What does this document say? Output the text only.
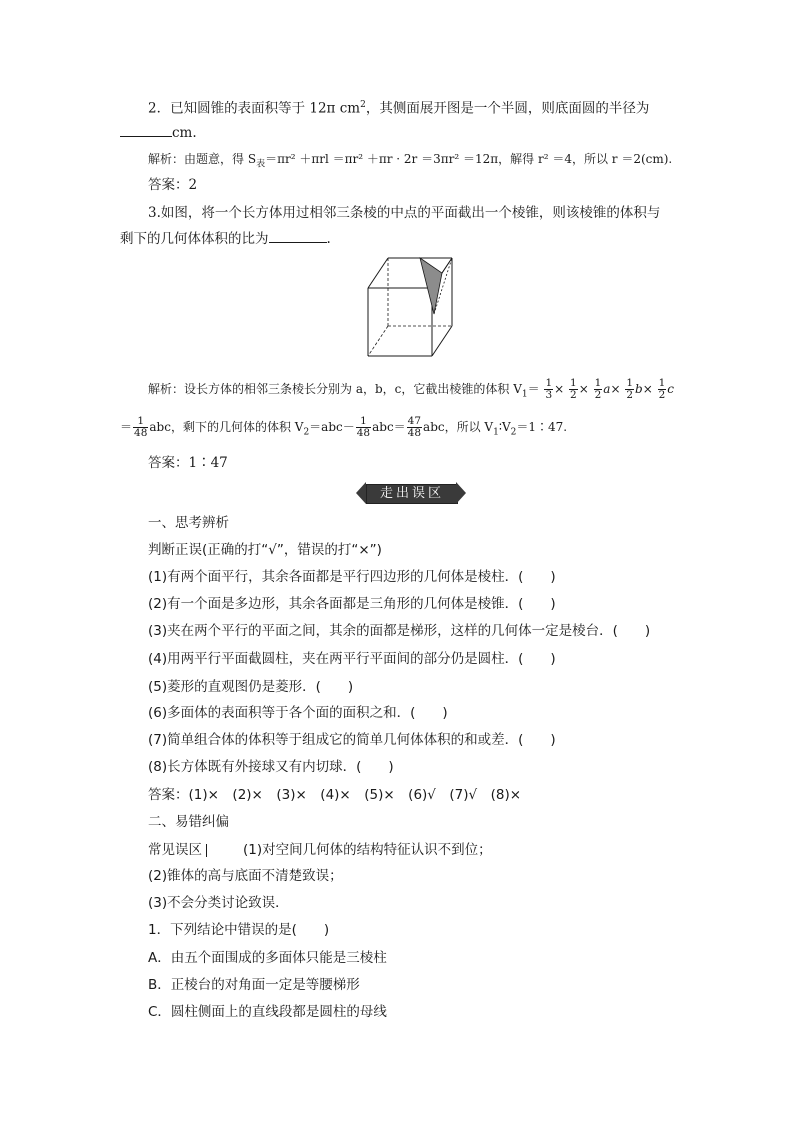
2．已知圆锥的表面积等于 12π $cm^2$，其侧面展开图是一个半圆，则底面圆的半径为
cm.
解析：由题意，得 $S_表=\pi r^2 +\pi rl =\pi r^2 +\pi r \cdot 2r =3\pi r^2 =12\pi$，解得 r² ＝4，所以 r ＝2(cm).
答案：2
3.如图，将一个长方体用过相邻三条棱的中点的平面截出一个棱锥，则该棱锥的体积与
剩下的几何体体积的比为	.
解析：设长方体的相邻三条棱长分别为 a，b，c，它截出棱锥的体积 $V_1= \frac{1}{3} \times \frac{1}{2} \times \frac{1}{2} a\times \frac{1}{2} b\times \frac{1}{2}$ c
＝ $\frac{1}{48}$ abc，剩下的几何体的体积 $V_2=abc- \frac{1}{48} abc= \frac{47}{48}$ abc，所以 $V_1∶V_2=1∶47$.
答案：1∶47
走出误区
一、思考辨析
判断正误(正确的打“√”，错误的打“×”)
(1)有两个面平行，其余各面都是平行四边形的几何体是棱柱．(　　)
(2)有一个面是多边形，其余各面都是三角形的几何体是棱锥．(　　)
(3)夹在两个平行的平面之间，其余的面都是梯形，这样的几何体一定是棱台．(　　)
(4)用两平行平面截圆柱，夹在两平行平面间的部分仍是圆柱．(　　)
(5)菱形的直观图仍是菱形．(　　)
(6)多面体的表面积等于各个面的面积之和．(　　)
(7)简单组合体的体积等于组成它的简单几何体体积的和或差．(　　)
(8)长方体既有外接球又有内切球．(　　)
答案：(1)×　(2)×　(3)×　(4)×　(5)×　(6)√　(7)√　(8)×
二、易错纠偏
常见误区	(1)对空间几何体的结构特征认识不到位；
(2)锥体的高与底面不清楚致误；
(3)不会分类讨论致误．
1．下列结论中错误的是(　　)
A．由五个面围成的多面体只能是三棱柱
B．正棱台的对角面一定是等腰梯形
C．圆柱侧面上的直线段都是圆柱的母线
